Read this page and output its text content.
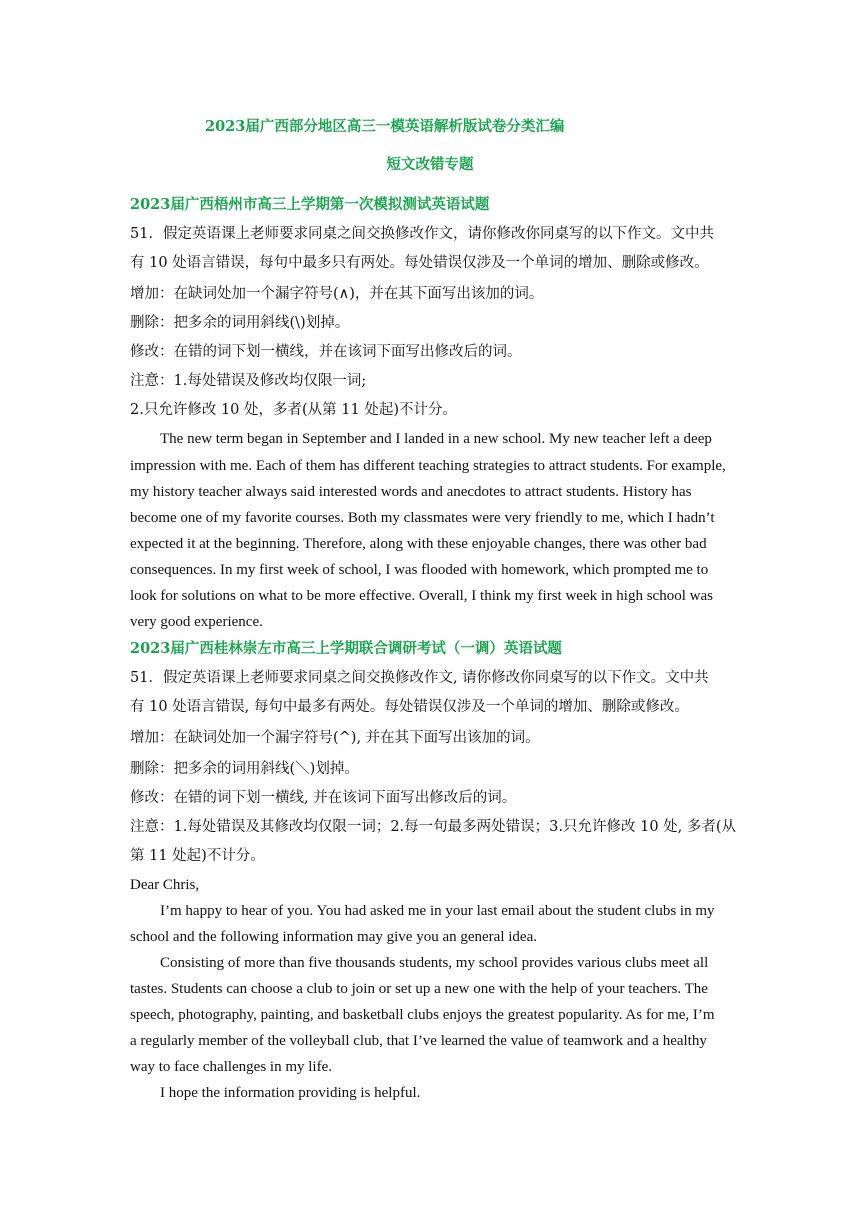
2023届广西部分地区高三一模英语解析版试卷分类汇编
短文改错专题
2023届广西梧州市高三上学期第一次模拟测试英语试题
51．假定英语课上老师要求同桌之间交换修改作文，请你修改你同桌写的以下作文。文中共
有 10 处语言错误，每句中最多只有两处。每处错误仅涉及一个单词的增加、删除或修改。
增加：在缺词处加一个漏字符号(∧)，并在其下面写出该加的词。
删除：把多余的词用斜线(\)划掉。
修改：在错的词下划一横线，并在该词下面写出修改后的词。
注意：1.每处错误及修改均仅限一词;
2.只允许修改 10 处，多者(从第 11 处起)不计分。
The new term began in September and I landed in a new school. My new teacher left a deep
impression with me. Each of them has different teaching strategies to attract students. For example,
my history teacher always said interested words and anecdotes to attract students. History has
become one of my favorite courses. Both my classmates were very friendly to me, which I hadn’t
expected it at the beginning. Therefore, along with these enjoyable changes, there was other bad
consequences. In my first week of school, I was flooded with homework, which prompted me to
look for solutions on what to be more effective. Overall, I think my first week in high school was
very good experience.
2023届广西桂林崇左市高三上学期联合调研考试（一调）英语试题
51．假定英语课上老师要求同桌之间交换修改作文, 请你修改你同桌写的以下作文。文中共
有 10 处语言错误, 每句中最多有两处。每处错误仅涉及一个单词的增加、删除或修改。
增加：在缺词处加一个漏字符号(^), 并在其下面写出该加的词。
删除：把多余的词用斜线(＼)划掉。
修改：在错的词下划一横线, 并在该词下面写出修改后的词。
注意：1.每处错误及其修改均仅限一词；2.每一句最多两处错误；3.只允许修改 10 处, 多者(从
第 11 处起)不计分。
Dear Chris,
I’m happy to hear of you. You had asked me in your last email about the student clubs in my
school and the following information may give you an general idea.
Consisting of more than five thousands students, my school provides various clubs meet all
tastes. Students can choose a club to join or set up a new one with the help of your teachers. The
speech, photography, painting, and basketball clubs enjoys the greatest popularity. As for me, I’m
a regularly member of the volleyball club, that I’ve learned the value of teamwork and a healthy
way to face challenges in my life.
I hope the information providing is helpful.
